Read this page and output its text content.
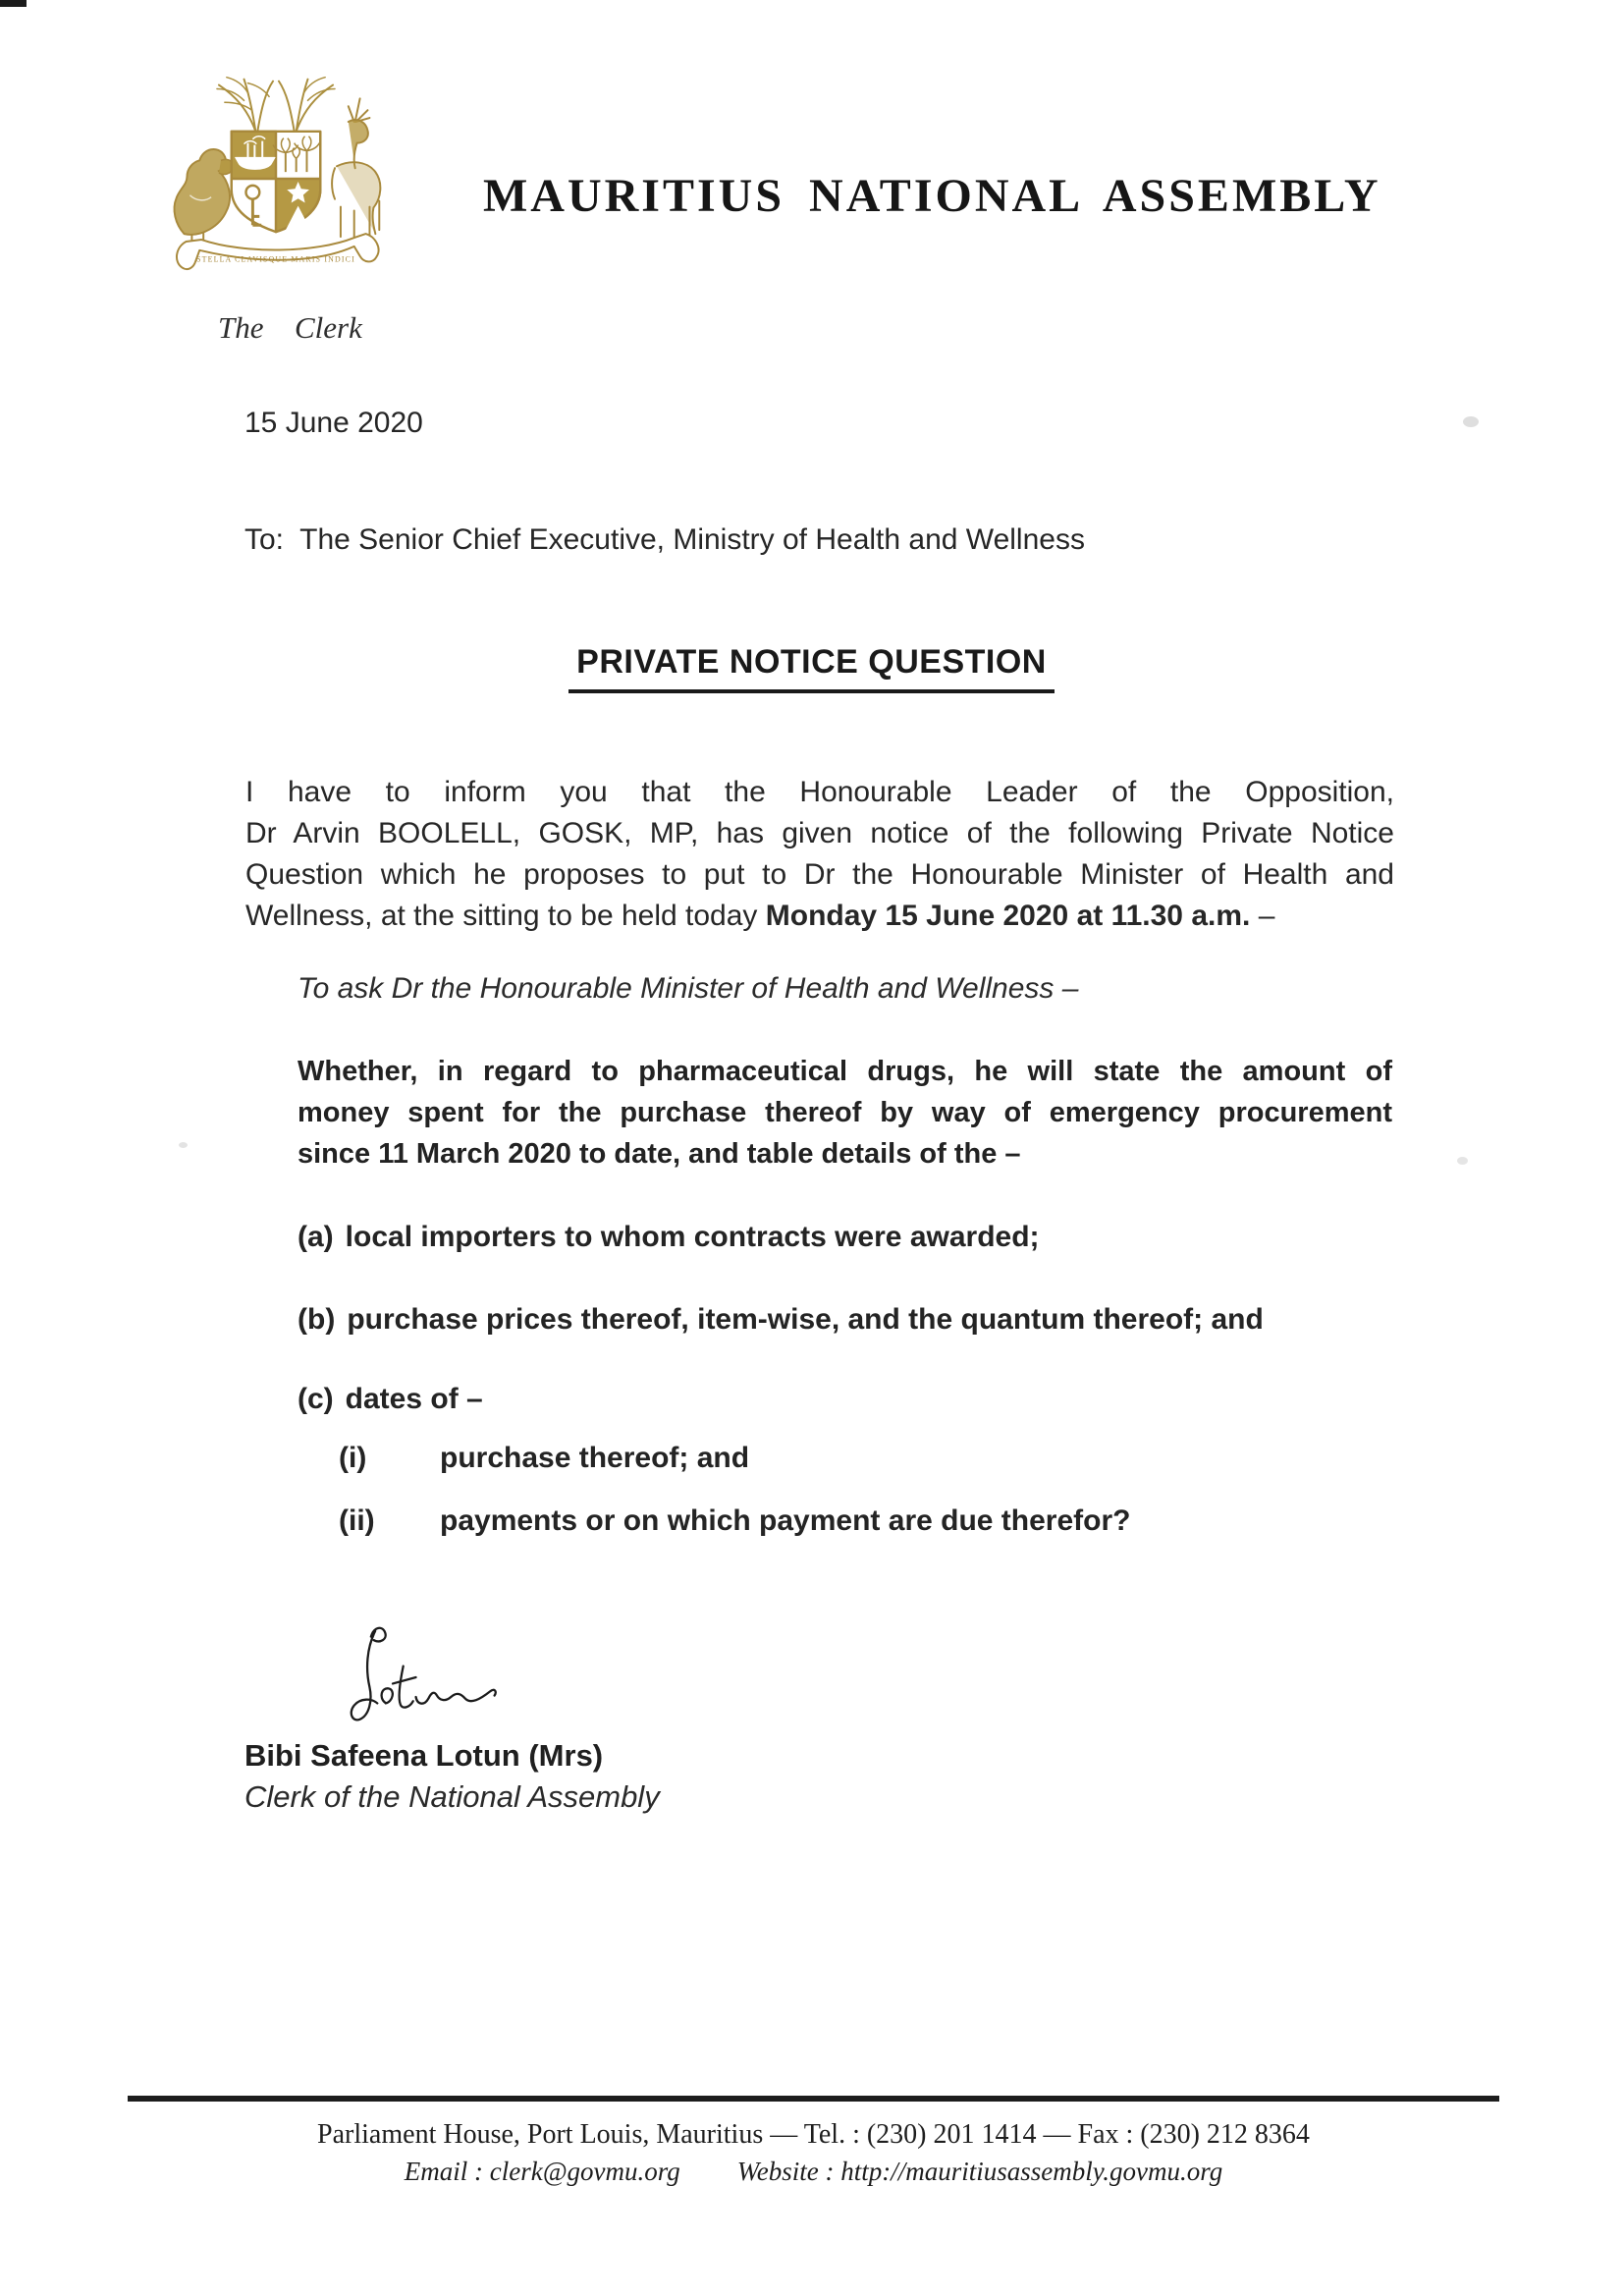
STELLA CLAVISQUE MARIS INDICI
MAURITIUS NATIONAL ASSEMBLY
The  Clerk
15 June 2020
To:  The Senior Chief Executive, Ministry of Health and Wellness
PRIVATE NOTICE QUESTION
I have to inform you that the Honourable Leader of the Opposition,
Dr Arvin BOOLELL, GOSK, MP, has given notice of the following Private Notice
Question which he proposes to put to Dr the Honourable Minister of Health and
Wellness, at the sitting to be held today Monday 15 June 2020 at 11.30 a.m. –
To ask Dr the Honourable Minister of Health and Wellness –
Whether, in regard to pharmaceutical drugs, he will state the amount of
money spent for the purchase thereof by way of emergency procurement
since 11 March 2020 to date, and table details of the –
(a) local importers to whom contracts were awarded;
(b) purchase prices thereof, item-wise, and the quantum thereof; and
(c) dates of –
(i) purchase thereof; and
(ii) payments or on which payment are due therefor?
Bibi Safeena Lotun (Mrs)
Clerk of the National Assembly
Parliament House, Port Louis, Mauritius — Tel. : (230) 201 1414 — Fax : (230) 212 8364
Email : clerk@govmu.org Website : http://mauritiusassembly.govmu.org
